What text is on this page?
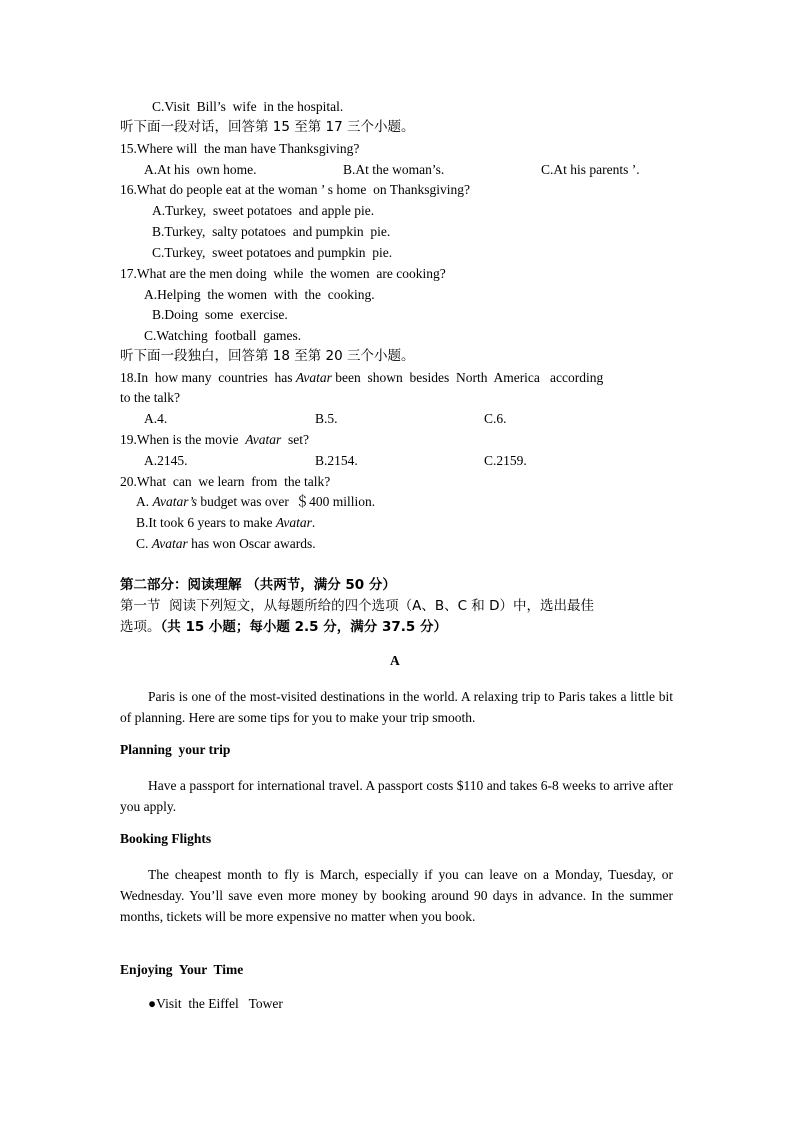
C.Visit  Bill’s  wife  in the hospital.
听下面一段对话，回答第 15 至第 17 三个小题。
15.Where will  the man have Thanksgiving?
A.At his  own home.	B.At the woman’s.	C.At his parents ’.
16.What do people eat at the woman ’ s home  on Thanksgiving?
A.Turkey,  sweet potatoes  and apple pie.
B.Turkey,  salty potatoes  and pumpkin  pie.
C.Turkey,  sweet potatoes and pumpkin  pie.
17.What are the men doing  while  the women  are cooking?
A.Helping  the women  with  the  cooking.
B.Doing  some  exercise.
C.Watching  football  games.
听下面一段独白，回答第 18 至第 20 三个小题。
18.In  how many  countries  has Avatar been  shown  besides  North  America   according
to the talk?
A.4.	B.5.	C.6.
19.When is the movie  Avatar  set?
A.2145.	B.2154.	C.2159.
20.What  can  we learn  from  the talk?
A. Avatar’s budget was over  ＄400 million.
B.It took 6 years to make Avatar.
C. Avatar has won Oscar awards.
第二部分：阅读理解 （共两节，满分 50 分）
第一节  阅读下列短文，从每题所给的四个选项（A、B、C 和 D）中，选出最佳
选项。（共 15 小题；每小题 2.5 分，满分 37.5 分）
A
Paris is one of the most-visited destinations in the world. A relaxing trip to Paris takes a little bit of planning. Here are some tips for you to make your trip smooth.
Planning  your trip
Have a passport for international travel. A passport costs $110 and takes 6-8 weeks to arrive after you apply.
Booking Flights
The cheapest month to fly is March, especially if you can leave on a Monday, Tuesday, or Wednesday. You’ll save even more money by booking around 90 days in advance. In the summer months, tickets will be more expensive no matter when you book.
Enjoying  Your  Time
●Visit  the Eiffel   Tower
